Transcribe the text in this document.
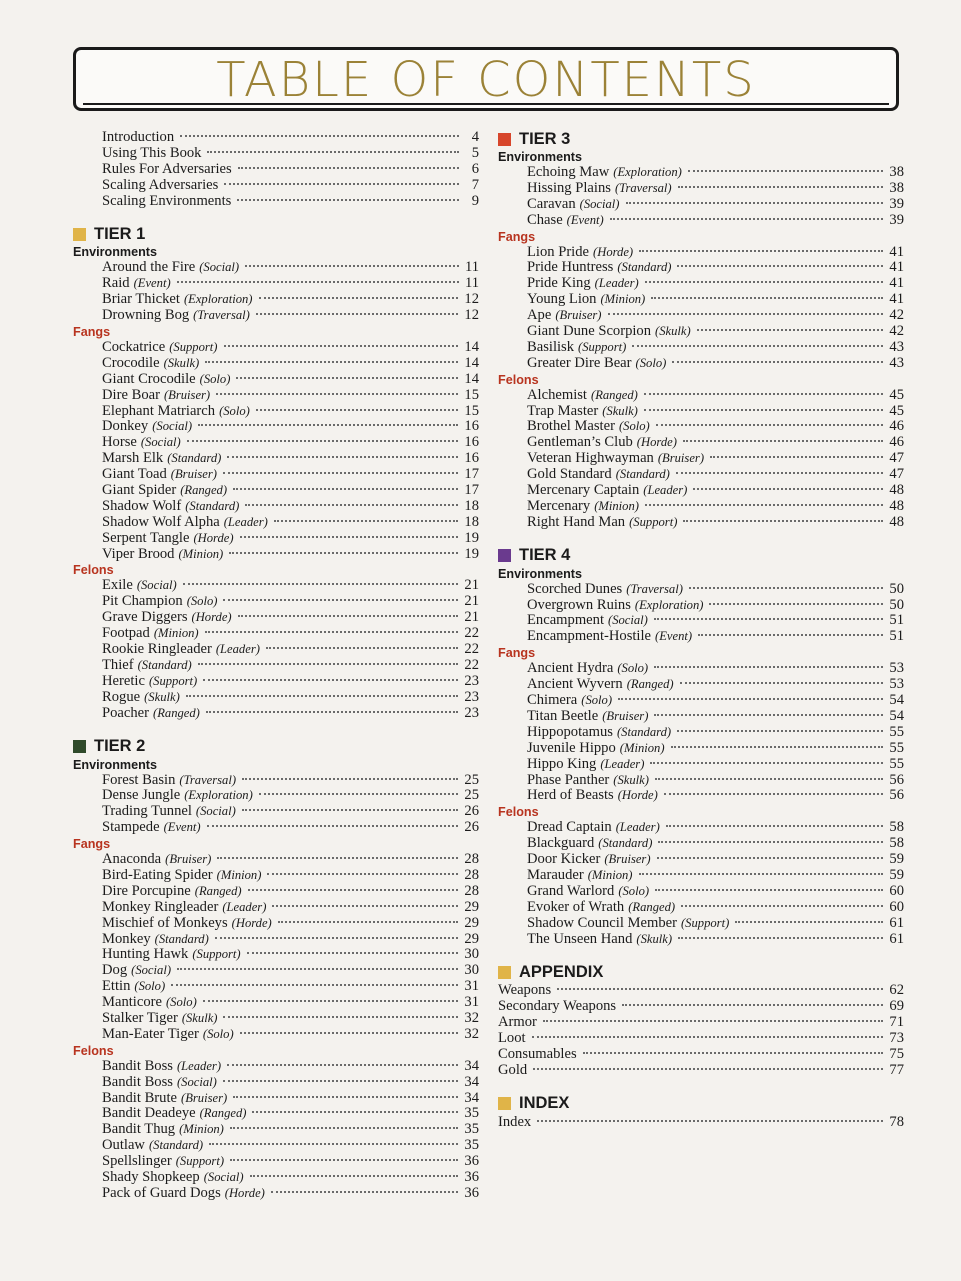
TABLE OF CONTENTS
Introduction	4
Using This Book	5
Rules For Adversaries	6
Scaling Adversaries	7
Scaling Environments	9
TIER 1
Environments
Around the Fire (Social)	11
Raid (Event)	11
Briar Thicket (Exploration)	12
Drowning Bog (Traversal)	12
Fangs
Cockatrice (Support)	14
Crocodile (Skulk)	14
Giant Crocodile (Solo)	14
Dire Boar (Bruiser)	15
Elephant Matriarch (Solo)	15
Donkey (Social)	16
Horse (Social)	16
Marsh Elk (Standard)	16
Giant Toad (Bruiser)	17
Giant Spider (Ranged)	17
Shadow Wolf (Standard)	18
Shadow Wolf Alpha (Leader)	18
Serpent Tangle (Horde)	19
Viper Brood (Minion)	19
Felons
Exile (Social)	21
Pit Champion (Solo)	21
Grave Diggers (Horde)	21
Footpad (Minion)	22
Rookie Ringleader (Leader)	22
Thief (Standard)	22
Heretic (Support)	23
Rogue (Skulk)	23
Poacher (Ranged)	23
TIER 2
Environments
Forest Basin (Traversal)	25
Dense Jungle (Exploration)	25
Trading Tunnel (Social)	26
Stampede (Event)	26
Fangs
Anaconda (Bruiser)	28
Bird-Eating Spider (Minion)	28
Dire Porcupine (Ranged)	28
Monkey Ringleader (Leader)	29
Mischief of Monkeys (Horde)	29
Monkey (Standard)	29
Hunting Hawk (Support)	30
Dog (Social)	30
Ettin (Solo)	31
Manticore (Solo)	31
Stalker Tiger (Skulk)	32
Man-Eater Tiger (Solo)	32
Felons
Bandit Boss (Leader)	34
Bandit Boss (Social)	34
Bandit Brute (Bruiser)	34
Bandit Deadeye (Ranged)	35
Bandit Thug (Minion)	35
Outlaw (Standard)	35
Spellslinger (Support)	36
Shady Shopkeep (Social)	36
Pack of Guard Dogs (Horde)	36
TIER 3
Environments
Echoing Maw (Exploration)	38
Hissing Plains (Traversal)	38
Caravan (Social)	39
Chase (Event)	39
Fangs
Lion Pride (Horde)	41
Pride Huntress (Standard)	41
Pride King (Leader)	41
Young Lion (Minion)	41
Ape (Bruiser)	42
Giant Dune Scorpion (Skulk)	42
Basilisk (Support)	43
Greater Dire Bear (Solo)	43
Felons
Alchemist (Ranged)	45
Trap Master (Skulk)	45
Brothel Master (Solo)	46
Gentleman’s Club (Horde)	46
Veteran Highwayman (Bruiser)	47
Gold Standard (Standard)	47
Mercenary Captain (Leader)	48
Mercenary (Minion)	48
Right Hand Man (Support)	48
TIER 4
Environments
Scorched Dunes (Traversal)	50
Overgrown Ruins (Exploration)	50
Encampment (Social)	51
Encampment-Hostile (Event)	51
Fangs
Ancient Hydra (Solo)	53
Ancient Wyvern (Ranged)	53
Chimera (Solo)	54
Titan Beetle (Bruiser)	54
Hippopotamus (Standard)	55
Juvenile Hippo (Minion)	55
Hippo King (Leader)	55
Phase Panther (Skulk)	56
Herd of Beasts (Horde)	56
Felons
Dread Captain (Leader)	58
Blackguard (Standard)	58
Door Kicker (Bruiser)	59
Marauder (Minion)	59
Grand Warlord (Solo)	60
Evoker of Wrath (Ranged)	60
Shadow Council Member (Support)	61
The Unseen Hand (Skulk)	61
APPENDIX
Weapons	62
Secondary Weapons	69
Armor	71
Loot	73
Consumables	75
Gold	77
INDEX
Index	78
